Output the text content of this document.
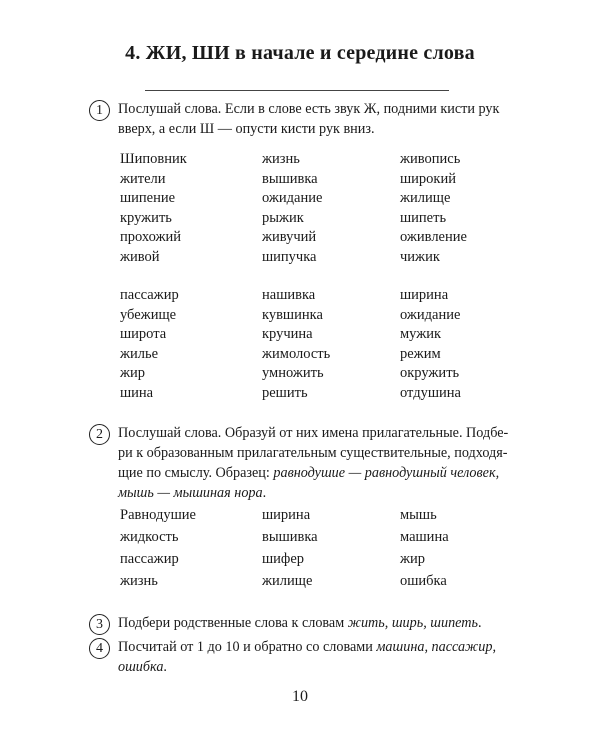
4. ЖИ, ШИ в начале и середине слова
1	Послушай слова. Если в слове есть звук Ж, подними кисти рук
вверх, а если Ш — опусти кисти рук вниз.
Шиповник	жизнь	живопись
жители	вышивка	широкий
шипение	ожидание	жилище
кружить	рыжик	шипеть
прохожий	живучий	оживление
живой	шипучка	чижик
пассажир	нашивка	ширина
убежище	кувшинка	ожидание
широта	кручина	мужик
жилье	жимолость	режим
жир	умножить	окружить
шина	решить	отдушина
2	Послушай слова. Образуй от них имена прилагательные. Подбе-
ри к образованным прилагательным существительные, подходя-
щие по смыслу. Образец: равнодушие — равнодушный человек,
мышь — мышиная нора.
Равнодушие	ширина	мышь
жидкость	вышивка	машина
пассажир	шифер	жир
жизнь	жилище	ошибка
3	Подбери родственные слова к словам жить, ширь, шипеть.
4	Посчитай от 1 до 10 и обратно со словами машина, пассажир,
ошибка.
10
